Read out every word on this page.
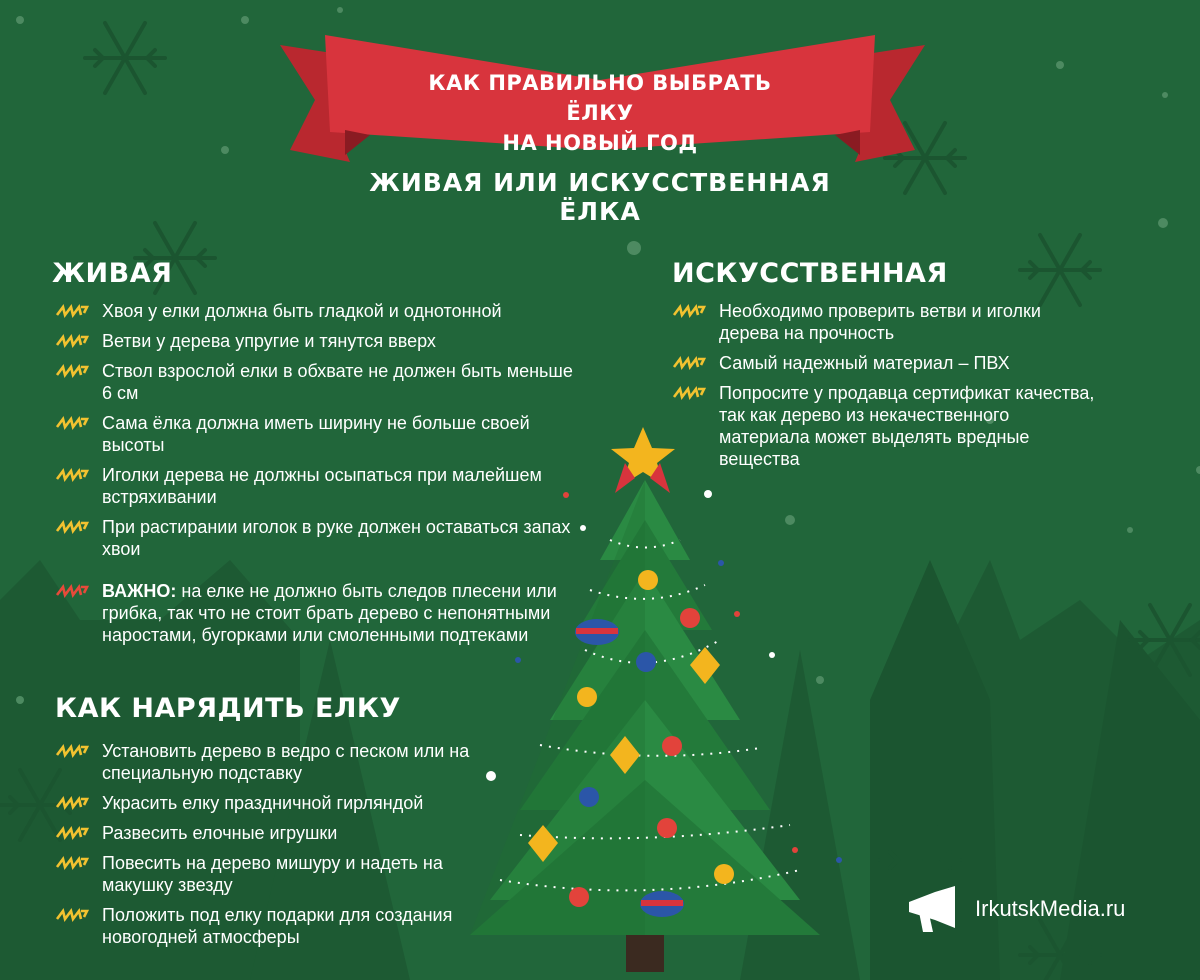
КАК ПРАВИЛЬНО ВЫБРАТЬ ЁЛКУ
НА НОВЫЙ ГОД
ЖИВАЯ ИЛИ ИСКУССТВЕННАЯ ЁЛКА
ЖИВАЯ
Хвоя у елки должна быть гладкой и однотонной
Ветви у дерева упругие и тянутся вверх
Ствол взрослой елки в обхвате не должен быть меньше 6 см
Сама ёлка должна иметь ширину не больше своей высоты
Иголки дерева не должны осыпаться при малейшем встряхивании
При растирании иголок в руке должен оставаться запах хвои
ВАЖНО: на елке не должно быть следов плесени или грибка, так что не стоит брать дерево с непонятными наростами, бугорками или смоленными подтеками
ИСКУССТВЕННАЯ
Необходимо проверить ветви и иголки дерева на прочность
Самый надежный материал – ПВХ
Попросите у продавца сертификат качества, так как дерево из некачественного материала может выделять вредные вещества
КАК НАРЯДИТЬ ЕЛКУ
Установить дерево в ведро с песком или на специальную подставку
Украсить елку праздничной гирляндой
Развесить елочные игрушки
Повесить на дерево мишуру и надеть на макушку звезду
Положить под елку подарки для создания новогодней атмосферы
IrkutskMedia.ru
